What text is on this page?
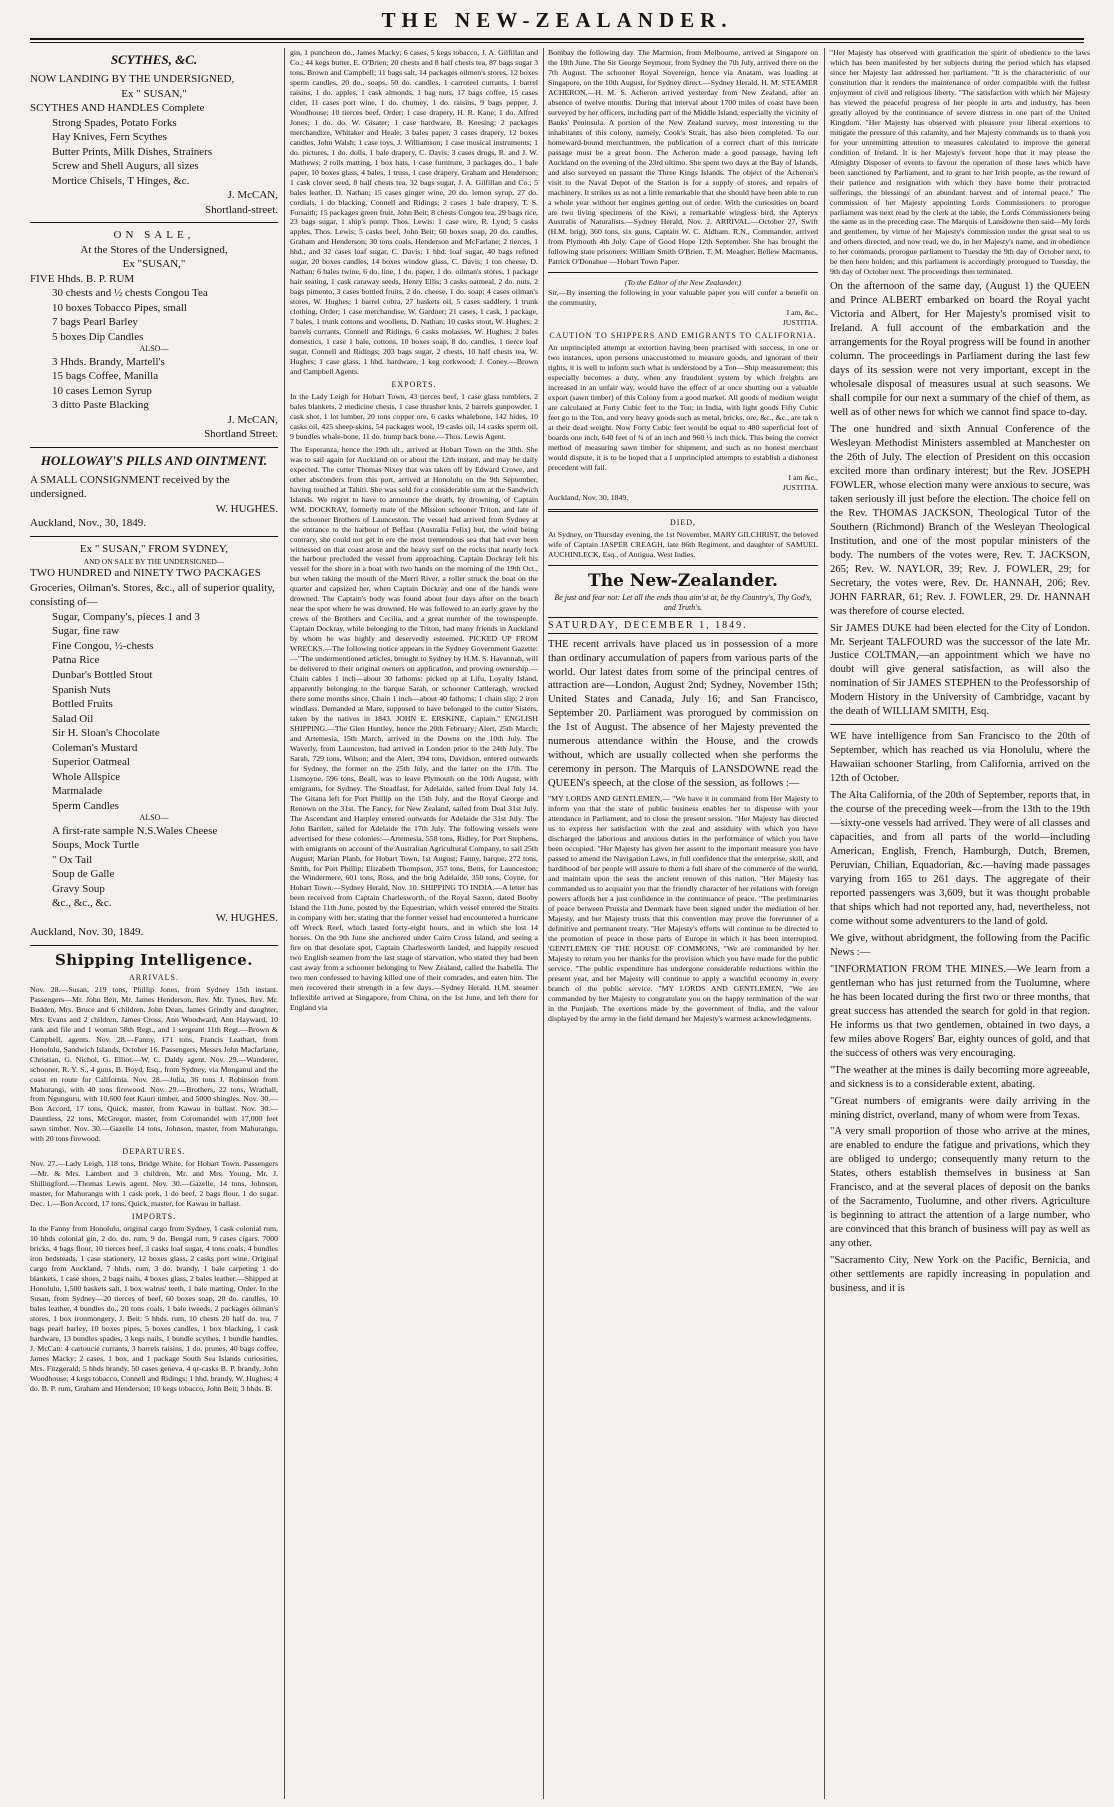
THE NEW-ZEALANDER.
SCYTHES, &C.
NOW LANDING BY THE UNDERSIGNED,
Ex " SUSAN,"
SCYTHES AND HANDLES Complete
Strong Spades, Potato Forks
Hay Knives, Fern Scythes
Butter Prints, Milk Dishes, Strainers
Screw and Shell Augurs, all sizes
Mortice Chisels, T Hinges, &c.
J. McCAN,
Shortland-street.
ON SALE,
At the Stores of the Undersigned,
Ex "SUSAN,"
FIVE Hhds. B. P. RUM
30 chests and ½ chests Congou Tea
10 boxes Tobacco Pipes, small
7 bags Pearl Barley
5 boxes Dip Candles
ALSO—
3 Hhds. Brandy, Martell's
15 bags Coffee, Manilla
10 cases Lemon Syrup
3 ditto Paste Blacking
J. McCAN,
Shortland Street.
HOLLOWAY'S PILLS AND OINTMENT.
A SMALL CONSIGNMENT received by the undersigned.
W. HUGHES.
Auckland, Nov., 30, 1849.
Ex " SUSAN," FROM SYDNEY,
AND ON SALE BY THE UNDERSIGNED—
TWO HUNDRED and NINETY TWO PACKAGES Groceries, Oilman's. Stores, &c., all of superior quality, consisting of—
Sugar, Company's, pieces 1 and 3
Sugar, fine raw
Fine Congou, ½-chests
Patna Rice
Dunbar's Bottled Stout
Spanish Nuts
Bottled Fruits
Salad Oil
Sir H. Sloan's Chocolate
Coleman's Mustard
Superior Oatmeal
Whole Allspice
Marmalade
Sperm Candles
ALSO—
A first-rate sample N.S.Wales Cheese
Soups, Mock Turtle
" Ox Tail
Soup de Galle
Gravy Soup
&c., &c., &c.
W. HUGHES.
Auckland, Nov. 30, 1849.
Shipping Intelligence.
ARRIVALS.
Nov. 28.—Susan, 219 tons, Phillip Jones, from Sydney 15th instant. Passengers—Mr. John Beit, Mr. James Henderson, Rev. Mr. Tynes, Rev. Mr. Budden, Mrs. Bruce and 6 children, John Dean, James Grindly and daughter, Mrs. Evans and 2 children, James Cross, Ann Woodward, Ann Hayward, 10 rank and file and 1 woman 58th Regt., and 1 sergeant 11th Regt.—Brown & Campbell, agents. Nov. 28.—Fanny, 171 tons, Francis Leathart, from Honolulu, Sandwich Islands, October 16. Passengers, Messrs John Macfarlane, Christian, G. Nichol, G. Elliot.—W. C. Daldy agent. Nov. 29.—Wanderer, schooner, R. Y. S., 4 guns, B. Boyd, Esq., from Sydney, via Monganui and the coast en route for California. Nov. 28.—Julia, 36 tons J. Robinson from Mahurangi, with 40 tons firewood. Nov. 29.—Brothers, 22 tons, Wrathall, from Ngunguru, with 10,600 feet Kauri timber, and 5000 shingles. Nov. 30.—Bon Accord, 17 tons, Quick, master, from Kawau in ballast. Nov. 30.—Dauntless, 22 tons, McGregor, master, from Coromandel with 17,000 feet sawn timber. Nov. 30.—Gazelle 14 tons, Johnson, master, from Mahurangu, with 20 tons firewood.
DEPARTURES.
Nov. 27.—Lady Leigh, 118 tons, Bridge White, for Hobart Town. Passengers—Mr. & Mrs. Lambert and 3 children, Mr. and Mrs. Young, Mr. J. Shillingford.—Thomas Lewis agent. Nov. 30.—Gazelle, 14 tons, Johnson, master, for Mahurangu with 1 cask pork, 1 do beef, 2 bags flour, 1 do sugar. Dec. 1.—Bon Accord, 17 tons, Quick, master, for Kawau in ballast.
IMPORTS.
In the Fanny from Honolulu, original cargo from Sydney, 1 cask colonial rum, 10 hhds colonial gin, 2 do. do. rum, 9 do. Bengal rum, 9 cases cigars. 7000 bricks, 4 bags flour, 10 tierces beef, 3 casks loaf sugar, 4 tons coals, 4 bundles iron bedsteads, 1 case stationery, 12 boxes glass, 2 casks port wine. Original cargo from Auckland, 7 hhds. rum, 3 do. brandy, 1 bale carpeting 1 do blankets, 1 case shoes, 2 bags nails, 4 boxes glass, 2 bales leather.—Shipped at Honolulu, 1,500 baskets salt, 1 box walrus' teeth, 1 bale matting, Order. In the Susan, from Sydney—20 tierces of beef, 60 boxes soap, 20 do. candles, 10 bales leather, 4 bundles do., 20 tons coals, 1 bale tweeds, 2 packages oilman's stores, 1 box ironmongery, J. Beit: 5 hhds. rum, 10 chests 20 half do. tea, 7 bags pearl barley, 10 boxes pipes, 5 boxes candles, 1 box blacking, 1 cask hardware, 13 bundles spades, 3 kegs nails, 1 bundle scythes, 1 bundle handles, J. McCan: 4 cartoucie currants, 3 barrels raisins, 1 do. prunes, 40 bags coffee, James Macky; 2 cases, 1 box, and 1 package South Sea Islands curiosities, Mrs. Fitzgerald; 5 hhds brandy, 50 cases geneva, 4 qr-casks B. P. brandy, John Woodhouse; 4 kegs tobacco, Connell and Ridings; 1 hhd. brandy, W. Hughes; 4 do. B. P. rum, Graham and Henderson; 10 kegs tobacco, John Beit; 3 hhds. B.
gin, 1 puncheon do., James Macky; 6 cases, 5 kegs tobacco, J. A. Gilfillan and Co.; 44 kegs butter, E. O'Brien; 20 chests and 8 half chests tea, 87 bags sugar 3 tons, Brown and Campbell; 11 bags salt, 14 packages oilmen's stores, 12 boxes sperm candles, 20 do., soaps, 50 do. candles, 1 carroteel currants, 1 barrel raisins, 1 do. apples, 1 cask almonds, 1 bag nuts, 17 bags coffee, 15 cases cider, 11 cases port wine, 1 do. chutney, 1 do. raisins, 9 bags pepper, J. Woodhouse; 10 tierces beef, Order; 1 case drapery, H. R. Kane; 1 do. Alfred Jones; 1 do. do. W. Gisater; 1 case hardware, B. Keesing; 2 packages merchandize, Whitaker and Heale; 3 bales paper, 3 cases drapery, 12 boxes candles, John Walsh; 1 case toys, J. Williamson; 1 case musical instruments; 1 do. pictures, 1 do. dolls, 1 bale drapery, C. Davis; 3 cases drugs, R. and J. W. Mathews; 2 rolls matting, 1 box hats, 1 case furniture, 3 packages do., 1 bale paper, 10 boxes glass, 4 bales, 1 truss, 1 case drapery, Graham and Henderson; 1 cask clover seed, 8 half chests tea, 32 bags sugar, J. A. Gilfillan and Co.; 5 bales leather, D. Nathan; 15 cases ginger wine, 20 do. lemon syrup, 27 do. cordials, 1 do blacking, Connell and Ridings; 2 cases 1 bale drapery, T. S. Forsaith; 15 packages green fruit, John Beit; 8 chests Congou tea, 29 bags rice, 23 bags sugar, 1 ship's pump. Thos. Lewis: 1 case wire, R. Lynd; 5 casks apples, Thos. Lewis; 5 casks beef, John Beit; 60 boxes soap, 20 do. candles, Graham and Henderson; 30 tons coals, Henderson and McFarlane; 2 tierces, 1 hhd., and 32 cases loaf sugar, C. Davis; 1 hhd. loaf sugar, 40 bags refined sugar, 20 boxes candles, 14 boxes window glass, C. Davis; 1 ton cheese, D. Nathan; 6 bales twine, 6 do. line, 1 do. paper, 1 do. oilman's stores, 1 package hair seating, 1 cask caraway seeds, Henry Ellis; 3 casks oatmeal, 2 do. nuts, 2 bags pimento, 3 cases bottled fruits, 2 do. cheese, 1 do. soap; 4 cases oilman's stores, W. Hughes; 1 barrel cobra, 27 baskets oil, 5 cases saddlery, 1 trunk clothing, Order; 1 case merchandise, W. Gardner; 21 cases, 1 cask, 1 package, 7 bales, 1 trunk cottons and woollens, D. Nathan; 10 casks stout, W. Hughes; 2 barrels currants, Connell and Ridings, 6 casks molasses, W. Hughes; 2 bales domestics, 1 case 1 bale, cottons, 10 boxes soap, 8 do. candles, 1 tierce loaf sugar, Connell and Ridings; 203 bags sugar, 2 chests, 10 half chests tea, W. Hughes; 1 case glass, 1 hhd. hardware, 1 keg corkwood; J. Coney.—Brown and Campbell Agents.
EXPORTS.
In the Lady Leigh for Hobart Town, 43 tierces beef, 1 case glass tumblers, 2 bales blankets, 2 medicine chests, 1 case thrasher knis, 2 barrels gunpowder, 1 cask shot, 1 lot lumber, 20 tons copper ore, 6 casks whalebone, 142 hides, 10 casks oil, 425 sheep-skins, 54 packages wool, 19 casks oil, 14 casks sperm oil, 9 bundles whale-bone, 11 do. hump back bone.—Thos. Lewis Agent.
The Esperanza, hence the 19th ult., arrived at Hobart Town on the 30th. She was to sail again for Auckland on or about the 12th instant, and may be daily expected. The cutter Thomas Nixey that was taken off by Edward Crowe, and other absconders from this port, arrived at Honolulu on the 9th September, having touched at Tahiti. She was sold for a considerable sum at the Sandwich Islands. We regret to have to announce the death, by drowning, of Captain WM. DOCKRAY, formerly mate of the Mission schooner Triton, and late of the schooner Brothers of Launceston. The vessel had arrived from Sydney at the entrance to the harbour of Belfast (Australia Felix) but, the wind being contrary, she could not get in ere the most tremendous sea that had ever been witnessed on that coast arose and the heavy surf on the rocks that nearly lock the harbour precluded the vessel from approaching. Captain Dockray left his vessel for the shore in a boat with two hands on the morning of the 19th Oct., but when taking the mouth of the Merri River, a roller struck the boat on the quarter and capsized her, when Captain Dockray and one of the hands were drowned. The Captain's body was found about four days after on the beach near the spot where he was drowned. He was followed to an early grave by the crews of the Brothers and Cecilia, and a great number of the townspeople. Captain Dockray, while belonging to the Triton, had many friends in Auckland by whom he was highly and deservedly esteemed. PICKED UP FROM WRECKS.—The following notice appears in the Sydney Government Gazette:—"The undermentioned articles, brought to Sydney by H.M. S. Havannah, will be delivered to their original owners on application, and proving ownership.—Chain cables 1 inch—about 30 fathoms: picked up at Lifu, Loyalty Island, apparently belonging to the barque Sarah, or schooner Cattleragh, wrecked there some months since. Chain 1 inch—about 40 fathoms; 1 chain slip; 2 iron windlass. Demanded at Mare, supposed to have belonged to the cutter Sisters, taken by the natives in 1843. JOHN E. ERSKINE, Captain." ENGLISH SHIPPING.—The Glen Huntley, hence the 20th February; Alert, 25th March; and Artemesia, 15th March, arrived in the Downs on the 10th July. The Waverly, from Launceston, had arrived in London prior to the 24th July. The Sarah, 729 tons, Wilson; and the Alert, 394 tons, Davidson, entered outwards for Sydney, the former on the 25th July, and the latter on the 17th. The Lismoyne, 596 tons, Beall, was to leave Plymouth on the 10th August, with emigrants, for Sydney. The Steadfast, for Adelaide, sailed from Deal July 14. The Gitana left for Port Phillip on the 15th July, and the Royal George and Renown on the 31st. The Fancy, for New Zealand, sailed from Deal 31st July. The Ascendant and Harpley entered outwards for Adelaide the 31st July. The John Bartlett, sailed for Adelaide the 17th July. The following vessels were advertised for these colonies:—Artemesia, 558 tons, Ridley, for Port Stephens, with emigrants on account of the Australian Agricultural Company, to sail 25th August; Marian Planb, for Hobart Town, 1st August; Fanny, barque, 272 tons, Smith, for Port Phillip; Elizabeth Thompson, 357 tons, Betts, for Launceston; the Windermere, 601 tons, Ross, and the brig Adelaide, 350 tons, Coyne, for Hobart Town.—Sydney Herald, Nov. 10. SHIPPING TO INDIA.—A letter has been received from Captain Charlesworth, of the Royal Saxon, dated Booby Island the 11th June, posted by the Equestrian, which vessel entered the Straits in company with her, stating that the former vessel had encountered a hurricane off Wreck Reef, which lasted forty-eight hours, and in which she lost 14 horses. On the 9th June she anchored under Cairn Cross Island, and seeing a fire on that desolate spot, Captain Charlesworth landed, and happily rescued two English seamen from the last stage of starvation, who stated they had been cast away from a schooner belonging to New Zealand, called the Isabella. The two men confessed to having killed one of their comrades, and eaten him. The men recovered their strength in a few days.—Sydney Herald. H.M. steamer Inflexible arrived at Singapore, from China, on the 1st June, and left there for England via
Bombay the following day. The Marmion, from Melbourne, arrived at Singapore on the 18th June. The Sir George Seymour, from Sydney the 7th July, arrived there on the 7th August. The schooner Royal Sovereign, hence via Anatam, was loading at Singapore, on the 10th August, for Sydney direct.—Sydney Herald. H. M. STEAMER ACHERON.—H. M. S. Acheron arrived yesterday from New Zealand, after an absence of twelve months. During that interval about 1700 miles of coast have been surveyed by her officers, including part of the Middle Island, especially the vicinity of Banks' Peninsula. A portion of the New Zealand survey, most interesting to the inhabitants of this colony, namely, Cook's Strait, has also been completed. To our homeward-bound merchantmen, the publication of a correct chart of this intricate passage must be a great boon. The Acheron made a good passage, having left Auckland on the evening of the 23rd ultimo. She spent two days at the Bay of Islands, and also surveyed en passant the Three Kings Islands. The object of the Acheron's visit to the Naval Depot of the Station is for a supply of stores, and repairs of machinery. It strikes us as not a little remarkable that she should have been able to run a whole year without her engines getting out of order. With the curiosities on board are two living specimens of the Kiwi, a remarkable wingless bird, the Apteryx Australis of Naturalists.—Sydney Herald, Nov. 2. ARRIVAL.—October 27, Swift (H.M. brig), 360 tons, six guns, Captain W. C. Aldham. R.N., Commander, arrived from Plymouth 4th July, Cape of Good Hope 12th September. She has brought the following state prisoners: William Smith O'Brien, T. M. Meagher, Bellew Macmanus, Patrick O'Donahue —Hobart Town Paper.
(To the Editor of the New Zealander.)
Sir,—By inserting the following in your valuable paper you will confer a benefit on the community,
I am, &c.,
JUSTITIA.
CAUTION TO SHIPPERS AND EMIGRANTS TO CALIFORNIA.
An unprincipled attempt at extortion having been practised with success, in one or two instances, upon persons unaccustomed to measure goods, and ignorant of their rights, it is well to inform such what is understood by a Ton—Ship measurement; this especially becomes a duty, when any fraudulent system by which freights are increased in an unfair way, would have the effect of at once shutting out a valuable export (sawn timber) of this Colony from a good market. All goods of medium weight are calculated at Forty Cubic feet to the Ton; in India, with light goods Fifty Cubic feet go to the Ton, and very heavy goods such as metal, bricks, ore, &c., &c., are tak n at their dead weight. Now Forty Cubic feet would be equal to 480 superficial feet of boards one inch, 640 feet of ¾ of an inch and 960 ½ inch thick. This being the correct method of measuring sawn timber for shipment, and such as no honest merchant would dispute, it is to be hoped that a I unprincipled attempts to establish a dishonest precedent will fail.
I am &c.,
JUSTITIA.
Auckland, Nov. 30, 1849.
DIED,
At Sydney, on Thursday evening, the 1st November, MARY GILCHRIST, the beloved wife of Captain JASPER CREAGH, late 86th Regiment, and daughter of SAMUEL AUCHINLECK, Esq., of Antigua, West Indies.
The New-Zealander.
Be just and fear not: Let all the ends thou aim'st at, be thy Country's, Thy God's, and Truth's.
SATURDAY, DECEMBER 1, 1849.
THE recent arrivals have placed us in possession of a more than ordinary accumulation of papers from various parts of the world. Our latest dates from some of the principal centres of attraction are—London, August 2nd; Sydney, November 15th; United States and Canada, July 16; and San Francisco, September 20. Parliament was prorogued by commission on the 1st of August. The absence of her Majesty prevented the numerous attendance within the House, and the crowds without, which are usually collected when she performs the ceremony in person. The Marquis of LANSDOWNE read the QUEEN's speech, at the close of the session, as follows :—
"MY LORDS AND GENTLEMEN,— "We have it in command from Her Majesty to inform you that the state of public business enables her to dispense with your attendance in Parliament, and to close the present session. "Her Majesty has directed us to express her satisfaction with the zeal and assiduity with which you have discharged the laborious and anxious duties in the performance of which you have been occupied. "Her Majesty has given her assent to the important measure you have passed to amend the Navigation Laws, in full confidence that the enterprise, skill, and hardihood of her people will assure to them a full share of the commerce of the world, and maintain upon the seas the ancient renown of this nation. "Her Majesty has commanded us to acquaint you that the friendly character of her relations with foreign powers affords her a just confidence in the continuance of peace. "The preliminaries of peace between Prussia and Denmark have been signed under the mediation of her Majesty, and her Majesty trusts that this convention may prove the forerunner of a definitive and permanent treaty. "Her Majesty's efforts will continue to be directed to the promotion of peace in those parts of Europe in which it has been interrupted. 'GENTLEMEN OF THE HOUSE OF COMMONS, "We are commanded by her Majesty to return you her thanks for the provision which you have made for the public service. "The public expenditure has undergone considerable reductions within the present year, and her Majesty will continue to apply a watchful economy in every branch of the public service. "MY LORDS AND GENTLEMEN, "We are commanded by her Majesty to congratulate you on the happy termination of the war in the Punjaub. The exertions made by the government of India, and the valour displayed by the army in the field demand her Majesty's warmest acknowledgments.
"Her Majesty has observed with gratification the spirit of obedience to the laws which has been manifested by her subjects during the period which has elapsed since her Majesty last addressed her parliament. "It is the characteristic of our constitution that it renders the maintenance of order compatible with the fullest enjoyment of civil and religious liberty. "The satisfaction with which her Majesty has viewed the peaceful progress of her people in arts and industry, has been greatly alloyed by the continuance of severe distress in one part of the United Kingdom. "Her Majesty has observed with pleasure your liberal exertions to mitigate the pressure of this calamity, and her Majesty commands us to thank you for your unremitting attention to measures calculated to improve the general condition of Ireland. It is her Majesty's fervent hope that it may please the Almighty Disposer of events to favour the operation of those laws which have been sanctioned by Parliament, and to grant to her Irish people, as the reward of their patience and resignation with which they have borne their protracted sufferings, the blessings of an abundant harvest and of internal peace." The commission of her Majesty appointing Lords Commissioners to prorogue parliament was next read by the clerk at the table, the Lords Commissioners being the same as in the preceding case. The Marquis of Lansdowne then said—My lords and gentlemen, by virtue of her Majesty's commission under the great seal to us and others directed, and now read, we do, in her Majesty's name, and in obedience to her commands, prorogue parliament to Tuesday the 9th day of October next, to be then here holden; and this parliament is accordingly prorogued to Tuesday, the 9th day of October next. The proceedings then terminated.
On the afternoon of the same day, (August 1) the QUEEN and Prince ALBERT embarked on board the Royal yacht Victoria and Albert, for Her Majesty's promised visit to Ireland. A full account of the embarkation and the arrangements for the Royal progress will be found in another column. The proceedings in Parliament during the last few days of its session were not very important, except in the wholesale disposal of measures usual at such seasons. We shall compile for our next a summary of the chief of them, as well as of other news for which we cannot find space to-day.
The one hundred and sixth Annual Conference of the Wesleyan Methodist Ministers assembled at Manchester on the 26th of July. The election of President on this occasion excited more than ordinary interest; but the Rev. JOSEPH FOWLER, whose election many were anxious to secure, was taken seriously ill just before the election. The choice fell on the Rev. THOMAS JACKSON, Theological Tutor of the Southern (Richmond) Branch of the Wesleyan Theological Institution, and one of the most popular ministers of the body. The numbers of the votes were, Rev. T. JACKSON, 265; Rev. W. NAYLOR, 39; Rev. J. FOWLER, 29; for Secretary, the votes were, Rev. Dr. HANNAH, 206; Rev. JOHN FARRAR, 61; Rev. J. FOWLER, 29. Dr. HANNAH was therefore of course elected.
Sir JAMES DUKE had been elected for the City of London. Mr. Serjeant TALFOURD was the successor of the late Mr. Justice COLTMAN,—an appointment which we have no doubt will give general satisfaction, as will also the nomination of Sir JAMES STEPHEN to the Professorship of Modern History in the University of Cambridge, vacant by the death of WILLIAM SMITH, Esq.
WE have intelligence from San Francisco to the 20th of September, which has reached us via Honolulu, where the Hawaiian schooner Starling, from California, arrived on the 12th of October.
The Alta California, of the 20th of September, reports that, in the course of the preceding week—from the 13th to the 19th—sixty-one vessels had arrived. They were of all classes and capacities, and from all parts of the world—including American, English, French, Hamburgh, Dutch, Bremen, Peruvian, Chilian, Equadorian, &c.—having made passages varying from 165 to 261 days. The aggregate of their reported passengers was 3,609, but it was thought probable that ships which had not reported any, had, nevertheless, not come without some adventurers to the land of gold.
We give, without abridgment, the following from the Pacific News :—
"INFORMATION FROM THE MINES.—We learn from a gentleman who has just returned from the Tuolumne, where he has been located during the first two or three months, that great success has attended the search for gold in that region. He informs us that two gentlemen, obtained in two days, a few miles above Rogers' Bar, eighty ounces of gold, and that the success of others was very encouraging.
"The weather at the mines is daily becoming more agreeable, and sickness is to a considerable extent, abating.
"Great numbers of emigrants were daily arriving in the mining district, overland, many of whom were from Texas.
"A very small proportion of those who arrive at the mines, are enabled to endure the fatigue and privations, which they are obliged to undergo; consequently many return to the States, others establish themselves in business at San Francisco, and at the several places of deposit on the banks of the Sacramento, Tuolumne, and other rivers. Agriculture is beginning to attract the attention of a large number, who are convinced that this branch of business will pay as well as any other.
"Sacramento City, New York on the Pacific, Bernicia, and other settlements are rapidly increasing in population and business, and it is
